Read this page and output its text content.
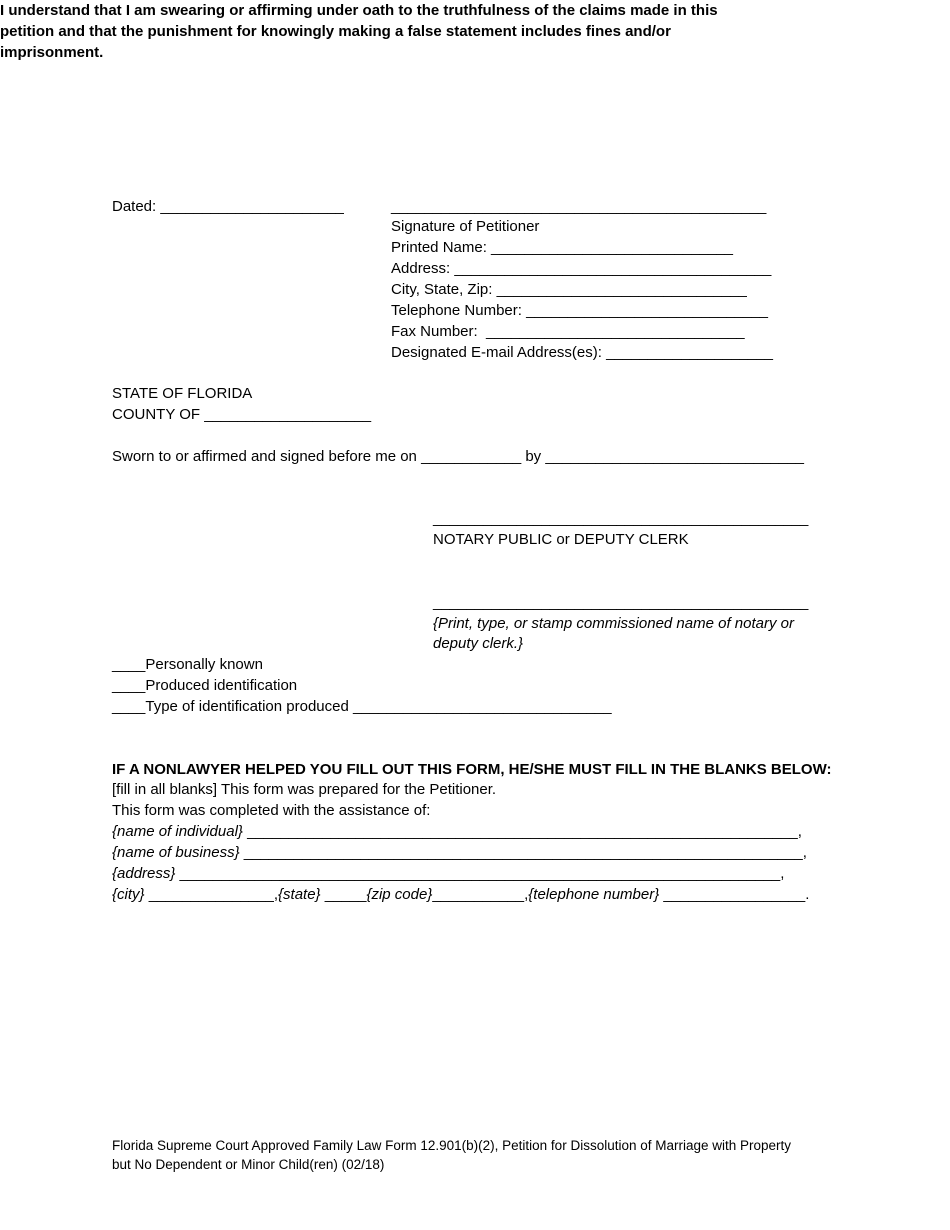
I understand that I am swearing or affirming under oath to the truthfulness of the claims made in this petition and that the punishment for knowingly making a false statement includes fines and/or imprisonment.
Dated: ______________________	_____________________________________________
Signature of Petitioner
Printed Name: _____________________________
Address: ______________________________________
City, State, Zip: ______________________________
Telephone Number: _____________________________
Fax Number:  _______________________________
Designated E-mail Address(es): ____________________
STATE OF FLORIDA
COUNTY OF ____________________
Sworn to or affirmed and signed before me on ____________ by _______________________________
_____________________________________________
NOTARY PUBLIC or DEPUTY CLERK
_____________________________________________
{Print, type, or stamp commissioned name of notary or
deputy clerk.}
____Personally known
____Produced identification
____Type of identification produced _______________________________
IF A NONLAWYER HELPED YOU FILL OUT THIS FORM, HE/SHE MUST FILL IN THE BLANKS BELOW:
[fill in all blanks] This form was prepared for the Petitioner.
This form was completed with the assistance of:
{name of individual} __________________________________________________________________,
{name of business} ___________________________________________________________________,
{address} ________________________________________________________________________,
{city} _______________,{state} _____{zip code}___________,{telephone number} _________________.
Florida Supreme Court Approved Family Law Form 12.901(b)(2), Petition for Dissolution of Marriage with Property
but No Dependent or Minor Child(ren) (02/18)
